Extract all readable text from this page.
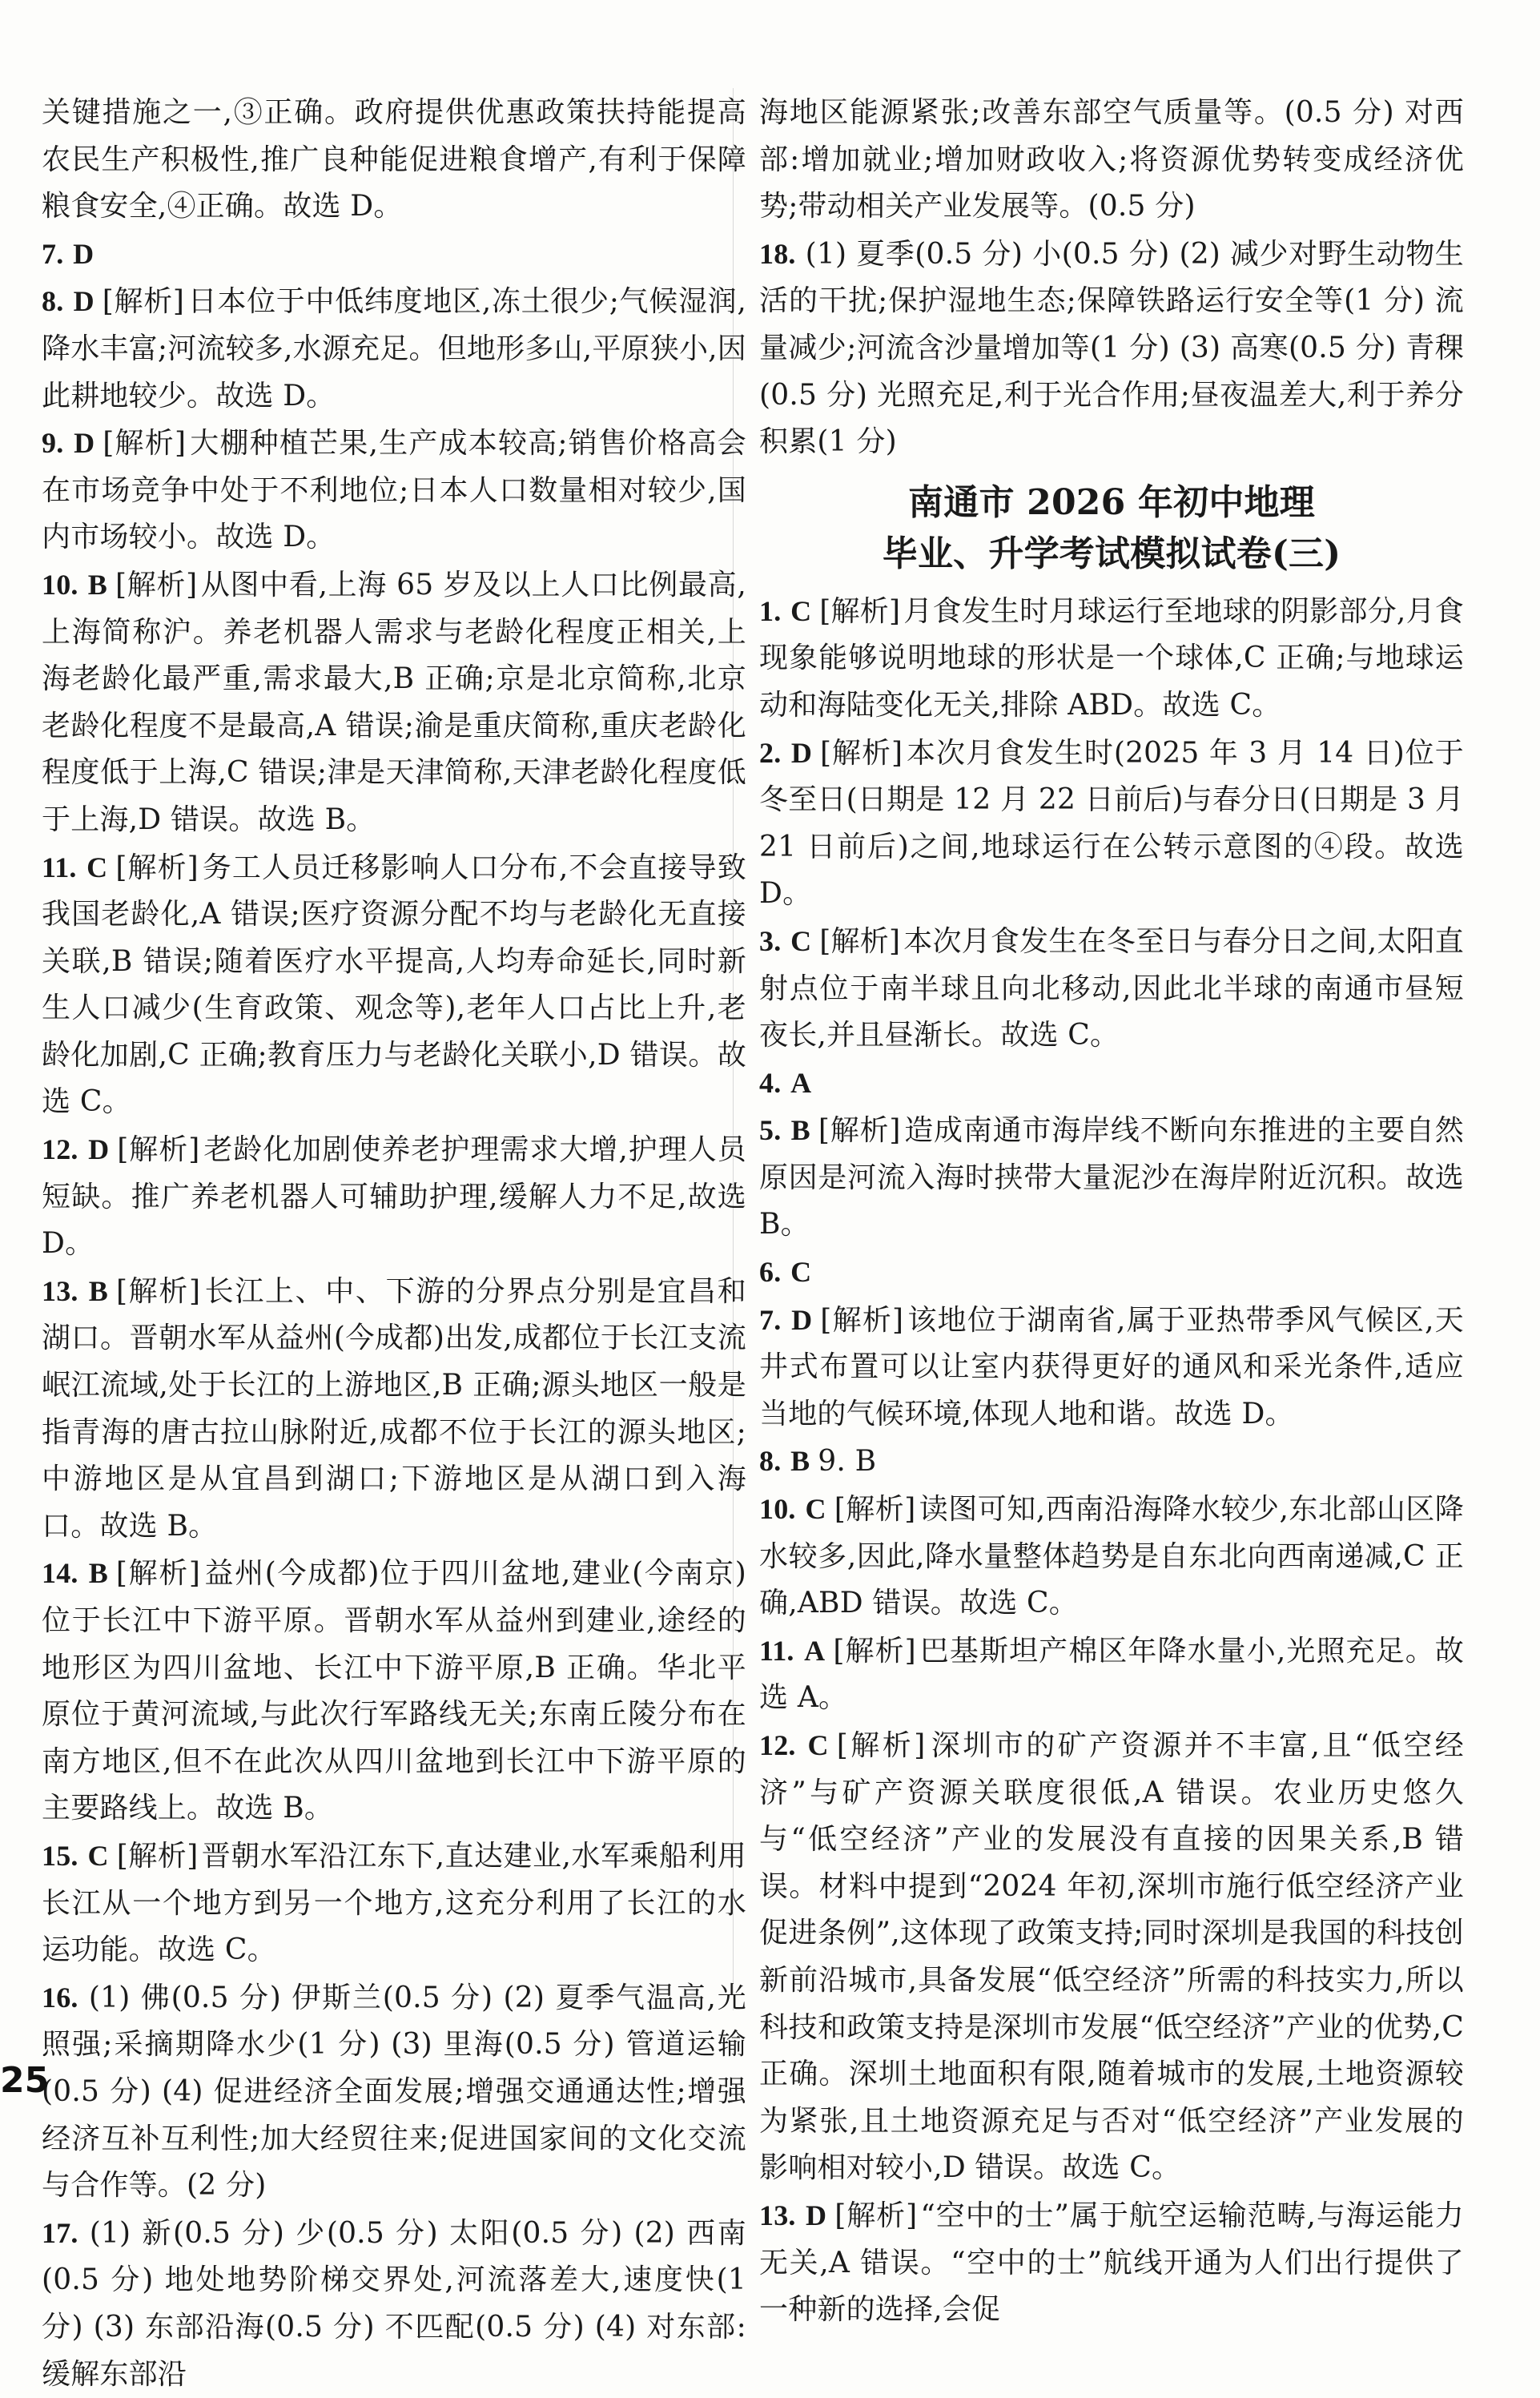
关键措施之一,③正确。政府提供优惠政策扶持能提高农民生产积极性,推广良种能促进粮食增产,有利于保障粮食安全,④正确。故选 D。

7. D

8. D [解析] 日本位于中低纬度地区,冻土很少;气候湿润,降水丰富;河流较多,水源充足。但地形多山,平原狭小,因此耕地较少。故选 D。

9. D [解析] 大棚种植芒果,生产成本较高;销售价格高会在市场竞争中处于不利地位;日本人口数量相对较少,国内市场较小。故选 D。

10. B [解析] 从图中看,上海 65 岁及以上人口比例最高,上海简称沪。养老机器人需求与老龄化程度正相关,上海老龄化最严重,需求最大,B 正确;京是北京简称,北京老龄化程度不是最高,A 错误;渝是重庆简称,重庆老龄化程度低于上海,C 错误;津是天津简称,天津老龄化程度低于上海,D 错误。故选 B。

11. C [解析] 务工人员迁移影响人口分布,不会直接导致我国老龄化,A 错误;医疗资源分配不均与老龄化无直接关联,B 错误;随着医疗水平提高,人均寿命延长,同时新生人口减少(生育政策、观念等),老年人口占比上升,老龄化加剧,C 正确;教育压力与老龄化关联小,D 错误。故选 C。

12. D [解析] 老龄化加剧使养老护理需求大增,护理人员短缺。推广养老机器人可辅助护理,缓解人力不足,故选 D。

13. B [解析] 长江上、中、下游的分界点分别是宜昌和湖口。晋朝水军从益州(今成都)出发,成都位于长江支流岷江流域,处于长江的上游地区,B 正确;源头地区一般是指青海的唐古拉山脉附近,成都不位于长江的源头地区;中游地区是从宜昌到湖口;下游地区是从湖口到入海口。故选 B。

14. B [解析] 益州(今成都)位于四川盆地,建业(今南京)位于长江中下游平原。晋朝水军从益州到建业,途经的地形区为四川盆地、长江中下游平原,B 正确。华北平原位于黄河流域,与此次行军路线无关;东南丘陵分布在南方地区,但不在此次从四川盆地到长江中下游平原的主要路线上。故选 B。

15. C [解析] 晋朝水军沿江东下,直达建业,水军乘船利用长江从一个地方到另一个地方,这充分利用了长江的水运功能。故选 C。

16. (1) 佛(0.5 分) 伊斯兰(0.5 分) (2) 夏季气温高,光照强;采摘期降水少(1 分) (3) 里海(0.5 分) 管道运输(0.5 分) (4) 促进经济全面发展;增强交通通达性;增强经济互补互利性;加大经贸往来;促进国家间的文化交流与合作等。(2 分)

17. (1) 新(0.5 分) 少(0.5 分) 太阳(0.5 分) (2) 西南(0.5 分) 地处地势阶梯交界处,河流落差大,速度快(1 分) (3) 东部沿海(0.5 分) 不匹配(0.5 分) (4) 对东部:缓解东部沿

海地区能源紧张;改善东部空气质量等。(0.5 分) 对西部:增加就业;增加财政收入;将资源优势转变成经济优势;带动相关产业发展等。(0.5 分)

18. (1) 夏季(0.5 分) 小(0.5 分) (2) 减少对野生动物生活的干扰;保护湿地生态;保障铁路运行安全等(1 分) 流量减少;河流含沙量增加等(1 分) (3) 高寒(0.5 分) 青稞(0.5 分) 光照充足,利于光合作用;昼夜温差大,利于养分积累(1 分)

南通市 2026 年初中地理
毕业、升学考试模拟试卷(三)

1. C [解析] 月食发生时月球运行至地球的阴影部分,月食现象能够说明地球的形状是一个球体,C 正确;与地球运动和海陆变化无关,排除 ABD。故选 C。

2. D [解析] 本次月食发生时(2025 年 3 月 14 日)位于冬至日(日期是 12 月 22 日前后)与春分日(日期是 3 月 21 日前后)之间,地球运行在公转示意图的④段。故选 D。

3. C [解析] 本次月食发生在冬至日与春分日之间,太阳直射点位于南半球且向北移动,因此北半球的南通市昼短夜长,并且昼渐长。故选 C。

4. A

5. B [解析] 造成南通市海岸线不断向东推进的主要自然原因是河流入海时挟带大量泥沙在海岸附近沉积。故选 B。

6. C

7. D [解析] 该地位于湖南省,属于亚热带季风气候区,天井式布置可以让室内获得更好的通风和采光条件,适应当地的气候环境,体现人地和谐。故选 D。

8. B 9. B

10. C [解析] 读图可知,西南沿海降水较少,东北部山区降水较多,因此,降水量整体趋势是自东北向西南递减,C 正确,ABD 错误。故选 C。

11. A [解析] 巴基斯坦产棉区年降水量小,光照充足。故选 A。

12. C [解析] 深圳市的矿产资源并不丰富,且“低空经济”与矿产资源关联度很低,A 错误。农业历史悠久与“低空经济”产业的发展没有直接的因果关系,B 错误。材料中提到“2024 年初,深圳市施行低空经济产业促进条例”,这体现了政策支持;同时深圳是我国的科技创新前沿城市,具备发展“低空经济”所需的科技实力,所以科技和政策支持是深圳市发展“低空经济”产业的优势,C 正确。深圳土地面积有限,随着城市的发展,土地资源较为紧张,且土地资源充足与否对“低空经济”产业发展的影响相对较小,D 错误。故选 C。

13. D [解析] “空中的士”属于航空运输范畴,与海运能力无关,A 错误。“空中的士”航线开通为人们出行提供了一种新的选择,会促

25
